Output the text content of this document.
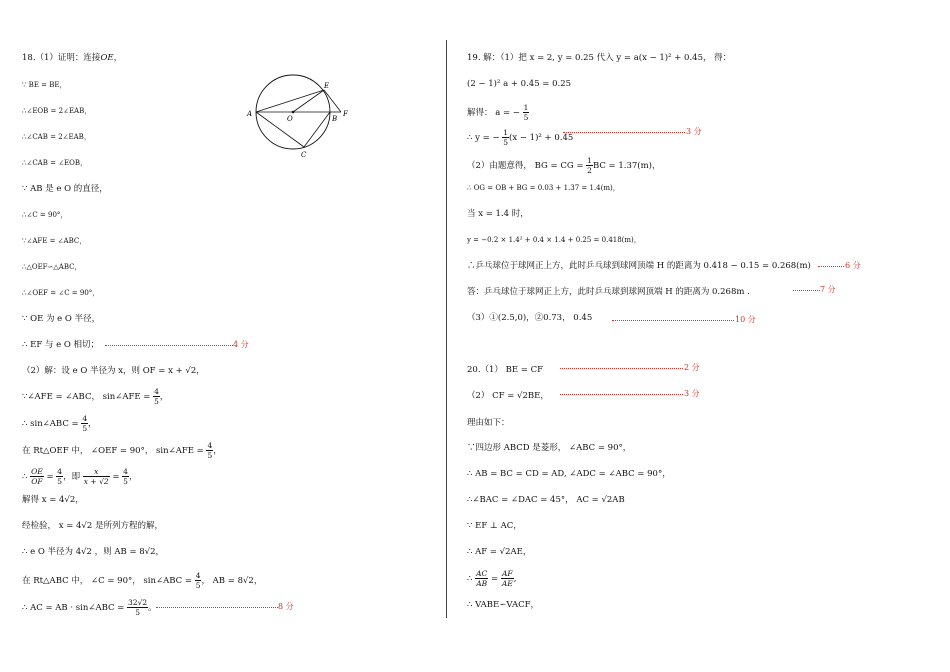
18.（1）证明：连接OE，
∵ BE = BE，
∴∠EOB = 2∠EAB，
∴∠CAB = 2∠EAB，
∴∠CAB = ∠EOB，
∵ AB 是 e O 的直径，
∴∠C = 90°，
∵∠AFE = ∠ABC，
∴△OEF∽△ABC，
∴∠OEF = ∠C = 90°，
∵ OE 为 e O 半径，
∴ EF 与 e O 相切；	4 分
（2）解：设 e O 半径为 x，则 OF = x + √2，
∵∠AFE = ∠ABC， sin∠AFE = $\frac{4}{5}$ ，
∴ sin∠ABC = $\frac{4}{5}$ ，
在 Rt△OEF 中， ∠OEF = 90°， sin∠AFE = $\frac{4}{5}$ ，
∴ $\frac{OE}{OF} = \frac{4}{5}$ ，即 $\frac{x}{x + √2} = \frac{4}{5}$ ，
解得 x = 4√2，
经检验， x = 4√2 是所列方程的解，
∴ e O 半径为 4√2 ，则 AB = 8√2，
在 Rt△ABC 中， ∠C = 90°， sin∠ABC = $\frac{4}{5}$ ， AB = 8√2，
∴ AC = AB · sin∠ABC = $\frac{32√2}{5}$ 。	8 分
A
O	B
E
F
C
19. 解：（1）把 x = 2, y = 0.25 代入 y = a(x − 1)² + 0.45， 得：
(2 − 1)² a + 0.45 = 0.25
解得： a = − $\frac{1}{5}$
∴ y = − $\frac{1}{5} (x - 1)^2 + 0.45$
3 分
（2）由题意得， BG = CG = $\frac{1}{2}$ BC = 1.37(m)，
∴ OG = OB + BG = 0.03 + 1.37 = 1.4(m)，
当 x = 1.4 时，
y = −0.2 × 1.4² + 0.4 × 1.4 + 0.25 = 0.418(m)，
∴乒乓球位于球网正上方，此时乒乓球到球网顶端 H 的距离为 0.418 − 0.15 = 0.268(m)	6 分
答：乒乓球位于球网正上方，此时乒乓球到球网顶端 H 的距离为 0.268m .	7 分
（3）①(2.5,0)，②0.73， 0.45	10 分
20.（1） BE = CF	2 分
（2） CF = √2BE，	3 分
理由如下：
∵四边形 ABCD 是菱形， ∠ABC = 90°，
∴ AB = BC = CD = AD, ∠ADC = ∠ABC = 90°，
∴∠BAC = ∠DAC = 45°， AC = √2AB
∵ EF ⊥ AC，
∴ AF = √2AE，
∴ $\frac{AC}{AB} = \frac{AF}{AE}$ ,
∴ VABE∽VACF，
